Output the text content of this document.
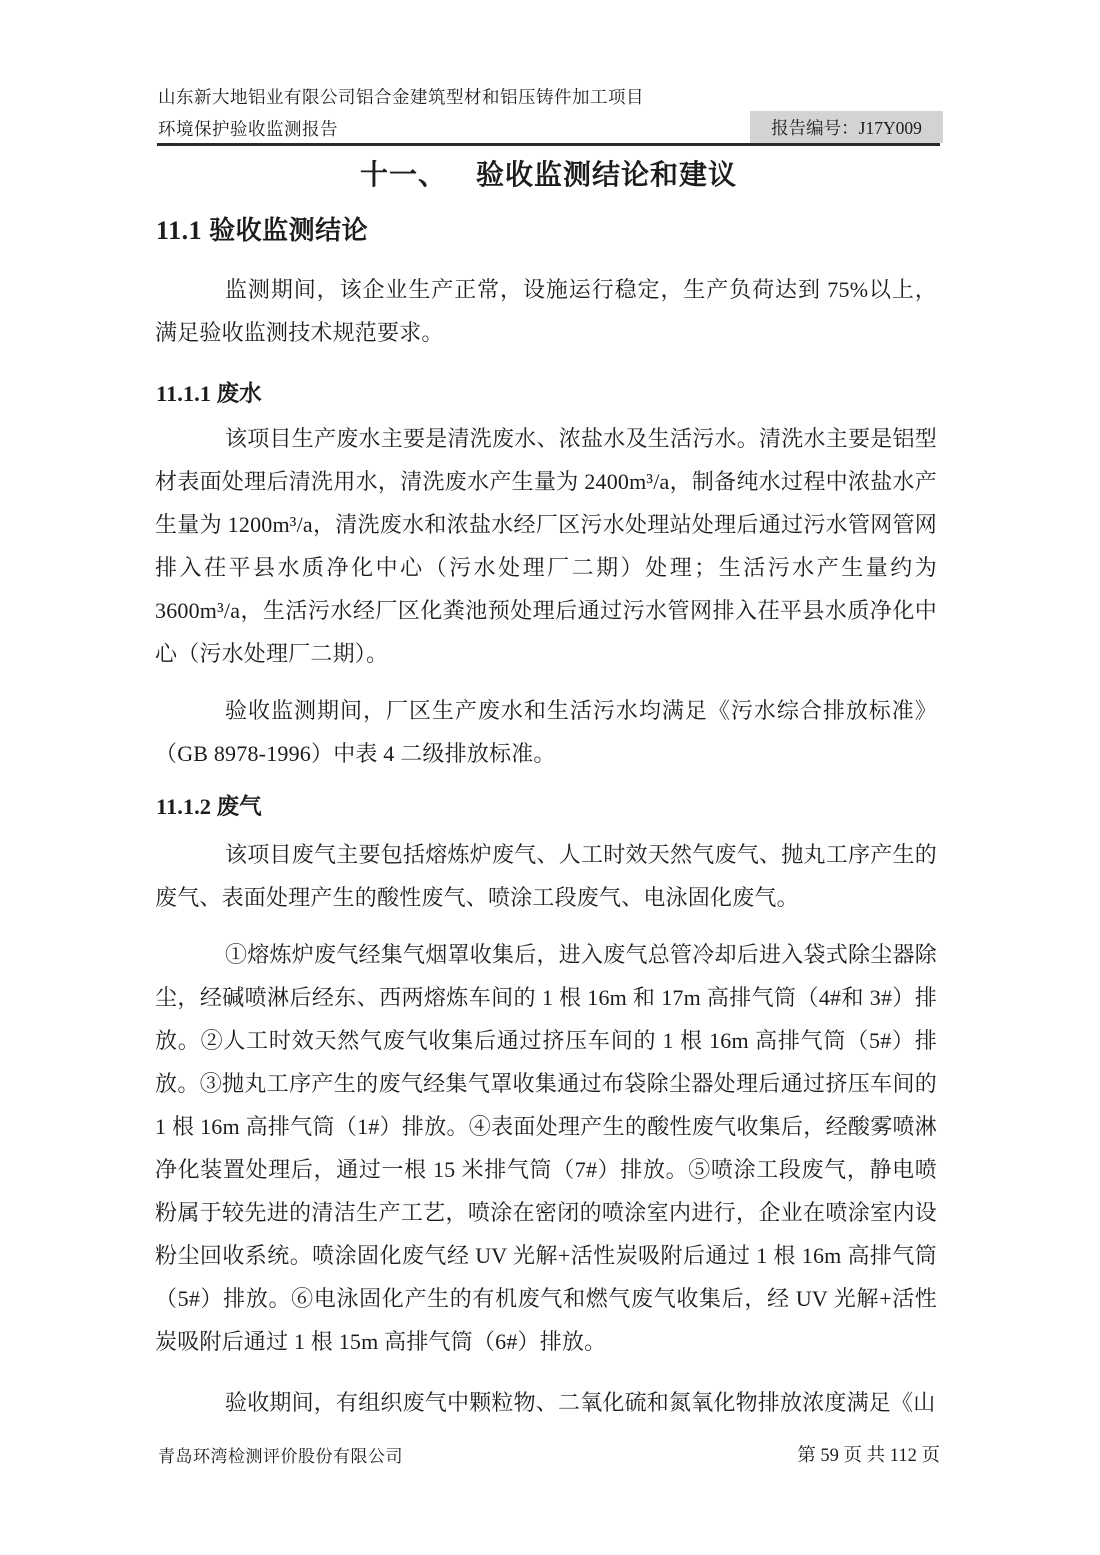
山东新大地铝业有限公司铝合金建筑型材和铝压铸件加工项目
环境保护验收监测报告	报告编号：J17Y009
十一、 验收监测结论和建议
11.1 验收监测结论
监测期间，该企业生产正常，设施运行稳定，生产负荷达到 75%以上，满足验收监测技术规范要求。
11.1.1 废水
该项目生产废水主要是清洗废水、浓盐水及生活污水。清洗水主要是铝型材表面处理后清洗用水，清洗废水产生量为 2400m³/a，制备纯水过程中浓盐水产生量为 1200m³/a，清洗废水和浓盐水经厂区污水处理站处理后通过污水管网管网排入茌平县水质净化中心（污水处理厂二期）处理；生活污水产生量约为 3600m³/a，生活污水经厂区化粪池预处理后通过污水管网排入茌平县水质净化中心（污水处理厂二期）。
验收监测期间，厂区生产废水和生活污水均满足《污水综合排放标准》（GB 8978-1996）中表 4 二级排放标准。
11.1.2 废气
该项目废气主要包括熔炼炉废气、人工时效天然气废气、抛丸工序产生的废气、表面处理产生的酸性废气、喷涂工段废气、电泳固化废气。
①熔炼炉废气经集气烟罩收集后，进入废气总管冷却后进入袋式除尘器除尘，经碱喷淋后经东、西两熔炼车间的 1 根 16m 和 17m 高排气筒（4#和 3#）排放。②人工时效天然气废气收集后通过挤压车间的 1 根 16m 高排气筒（5#）排放。③抛丸工序产生的废气经集气罩收集通过布袋除尘器处理后通过挤压车间的 1 根 16m 高排气筒（1#）排放。④表面处理产生的酸性废气收集后，经酸雾喷淋净化装置处理后，通过一根 15 米排气筒（7#）排放。⑤喷涂工段废气，静电喷粉属于较先进的清洁生产工艺，喷涂在密闭的喷涂室内进行，企业在喷涂室内设粉尘回收系统。喷涂固化废气经 UV 光解+活性炭吸附后通过 1 根 16m 高排气筒（5#）排放。⑥电泳固化产生的有机废气和燃气废气收集后，经 UV 光解+活性炭吸附后通过 1 根 15m 高排气筒（6#）排放。
验收期间，有组织废气中颗粒物、二氧化硫和氮氧化物排放浓度满足《山
青岛环湾检测评价股份有限公司	第 59 页 共 112 页
